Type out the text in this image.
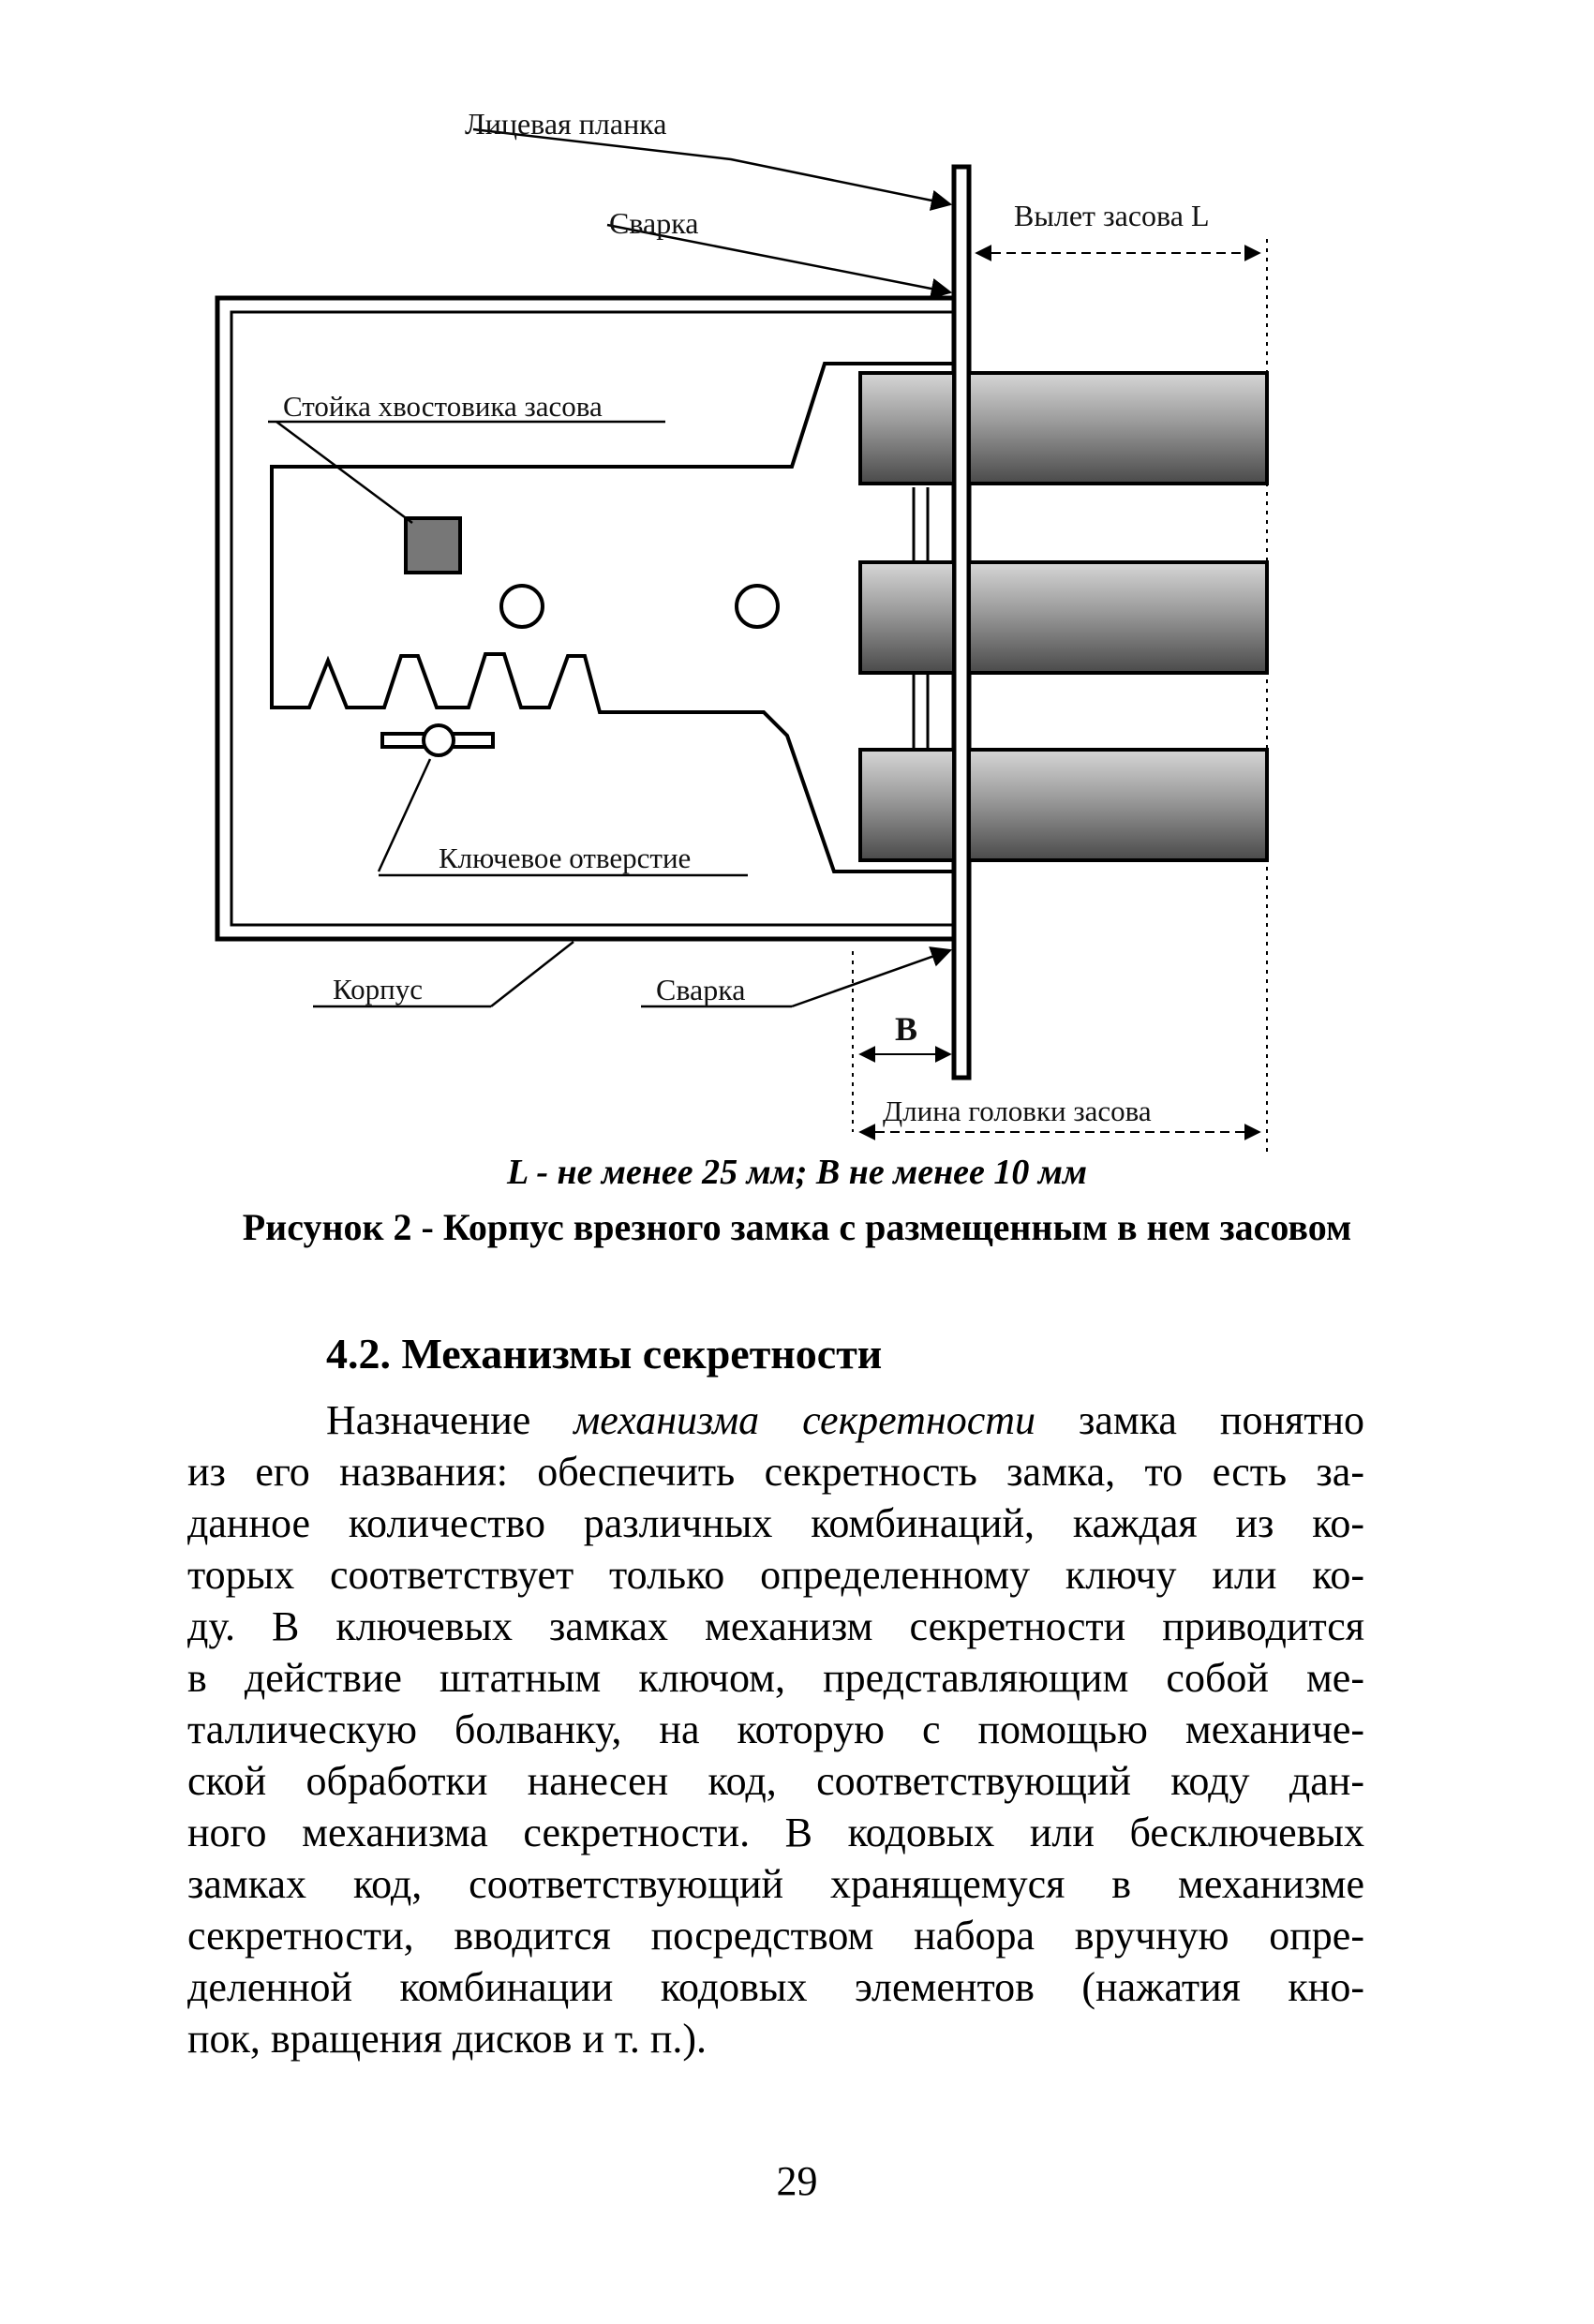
Лицевая планка
Сварка	Вылет засова L
Стойка хвостовика засова
Ключевое отверстие
Корпус	Сварка
B
Длина головки засова
L - не менее 25 мм; B не менее 10 мм
Рисунок 2 - Корпус врезного замка с размещенным в нем засовом
4.2. Механизмы секретности
Назначение механизма секретности замка понятно
из его названия: обеспечить секретность замка, то есть за-
данное количество различных комбинаций, каждая из ко-
торых соответствует только определенному ключу или ко-
ду. В ключевых замках механизм секретности приводится
в действие штатным ключом, представляющим собой ме-
таллическую болванку, на которую с помощью механиче-
ской обработки нанесен код, соответствующий коду дан-
ного механизма секретности. В кодовых или бесключевых
замках код, соответствующий хранящемуся в механизме
секретности, вводится посредством набора вручную опре-
деленной комбинации кодовых элементов (нажатия кно-
пок, вращения дисков и т. п.).
29
